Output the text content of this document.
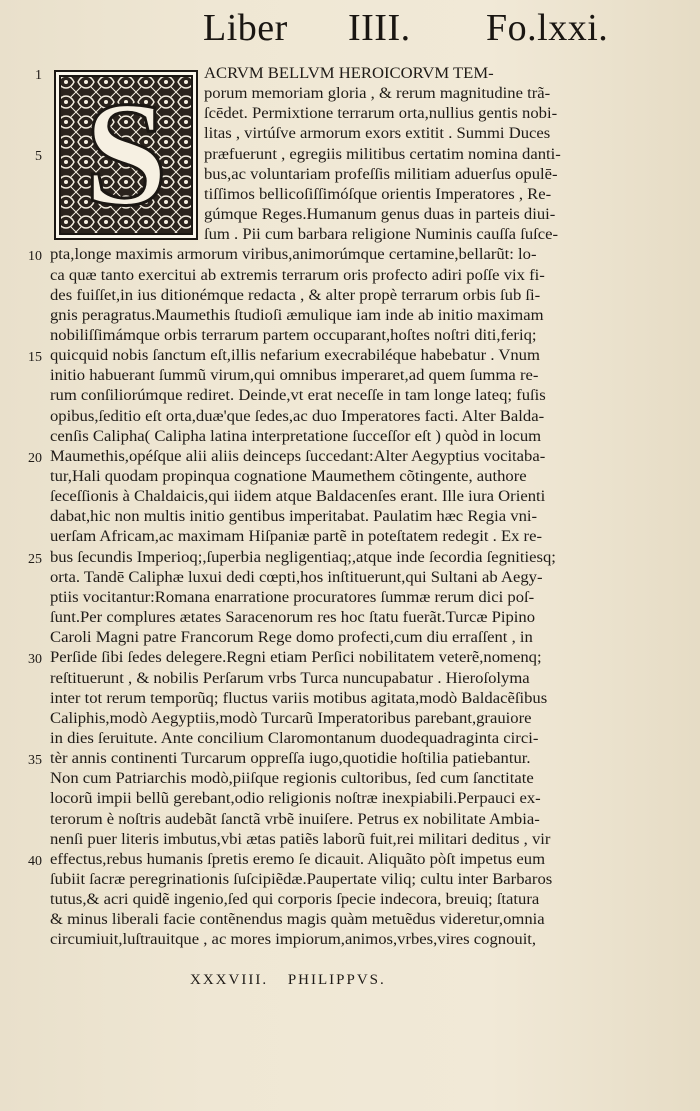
Liber IIII. Fo.lxxi.
S ACRVM BELLVM HEROICORVM TEM-
porum memoriam gloria , & rerum magnitudine trã-
ſcēdet. Permixtione terrarum orta,nullius gentis nobi-
litas , virtúſve armorum exors extitit . Summi Duces
præfuerunt , egregiis militibus certatim nomina danti-
bus,ac voluntariam profeſſis militiam aduerſus opulē-
tiſſimos bellicoſiſſimóſque orientis Imperatores , Re-
gúmque Reges.Humanum genus duas in parteis diui-
ſum . Pii cum barbara religione Numinis cauſſa ſuſce-
pta,longe maximis armorum viribus,animorúmque certamine,bellarũt: lo-
ca quæ tanto exercitui ab extremis terrarum oris profecto adiri poſſe vix fi-
des fuiſſet,in ius ditionémque redacta , & alter propè terrarum orbis ſub ſi-
gnis peragratus.Maumethis ſtudioſi æmulique iam inde ab initio maximam
nobiliſſimámque orbis terrarum partem occuparant,hoſtes noſtri diti,feriq;
quicquid nobis ſanctum eſt,illis nefarium execrabiléque habebatur . Vnum
initio habuerant ſummũ virum,qui omnibus imperaret,ad quem ſumma re-
rum conſiliorúmque rediret. Deinde,vt erat neceſſe in tam longe lateq; fuſis
opibus,ſeditio eſt orta,duæ'que ſedes,ac duo Imperatores facti. Alter Balda-
cenſis Calipha( Calipha latina interpretatione ſucceſſor eſt ) quòd in locum
Maumethis,opéſque alii aliis deinceps ſuccedant:Alter Aegyptius vocitaba-
tur,Hali quodam propinqua cognatione Maumethem cõtingente, authore
ſeceſſionis à Chaldaicis,qui iidem atque Baldacenſes erant. Ille iura Orienti
dabat,hic non multis initio gentibus imperitabat. Paulatim hæc Regia vni-
uerſam Africam,ac maximam Hiſpaniæ partẽ in poteſtatem redegit . Ex re-
bus ſecundis Imperioq;,ſuperbia negligentiaq;,atque inde ſecordia ſegnitiesq;
orta. Tandē Caliphæ luxui dedi cœpti,hos inſtituerunt,qui Sultani ab Aegy-
ptiis vocitantur:Romana enarratione procuratores ſummæ rerum dici poſ-
ſunt.Per complures ætates Saracenorum res hoc ſtatu fuerãt.Turcæ Pipino
Caroli Magni patre Francorum Rege domo profecti,cum diu erraſſent , in
Perſide ſibi ſedes delegere.Regni etiam Perſici nobilitatem veterẽ,nomenq;
reſtituerunt , & nobilis Perſarum vrbs Turca nuncupabatur . Hieroſolyma
inter tot rerum temporũq; fluctus variis motibus agitata,modò Baldacẽſibus
Caliphis,modò Aegyptiis,modò Turcarũ Imperatoribus parebant,grauiore
in dies ſeruitute. Ante concilium Claromontanum duodequadraginta circi-
tèr annis continenti Turcarum oppreſſa iugo,quotidie hoſtilia patiebantur.
Non cum Patriarchis modò,piiſque regionis cultoribus, ſed cum ſanctitate
locorũ impii bellũ gerebant,odio religionis noſtræ inexpiabili.Perpauci ex-
terorum è noſtris audebãt ſanctã vrbẽ inuiſere. Petrus ex nobilitate Ambia-
nenſi puer literis imbutus,vbi ætas patiẽs laborũ fuit,rei militari deditus , vir
effectus,rebus humanis ſpretis eremo ſe dicauit. Aliquãto pòſt impetus eum
ſubiit ſacræ peregrinationis ſuſcipiẽdæ.Paupertate viliq; cultu inter Barbaros
tutus,& acri quidẽ ingenio,ſed qui corporis ſpecie indecora, breuiq; ſtatura
& minus liberali facie contẽnendus magis quàm metuẽdus videretur,omnia
circumiuit,luſtrauitque , ac mores impiorum,animos,vrbes,vires cognouit,
1
5
10
15
20
25
30
35
40
XXXVIII. PHILIPPVS.
